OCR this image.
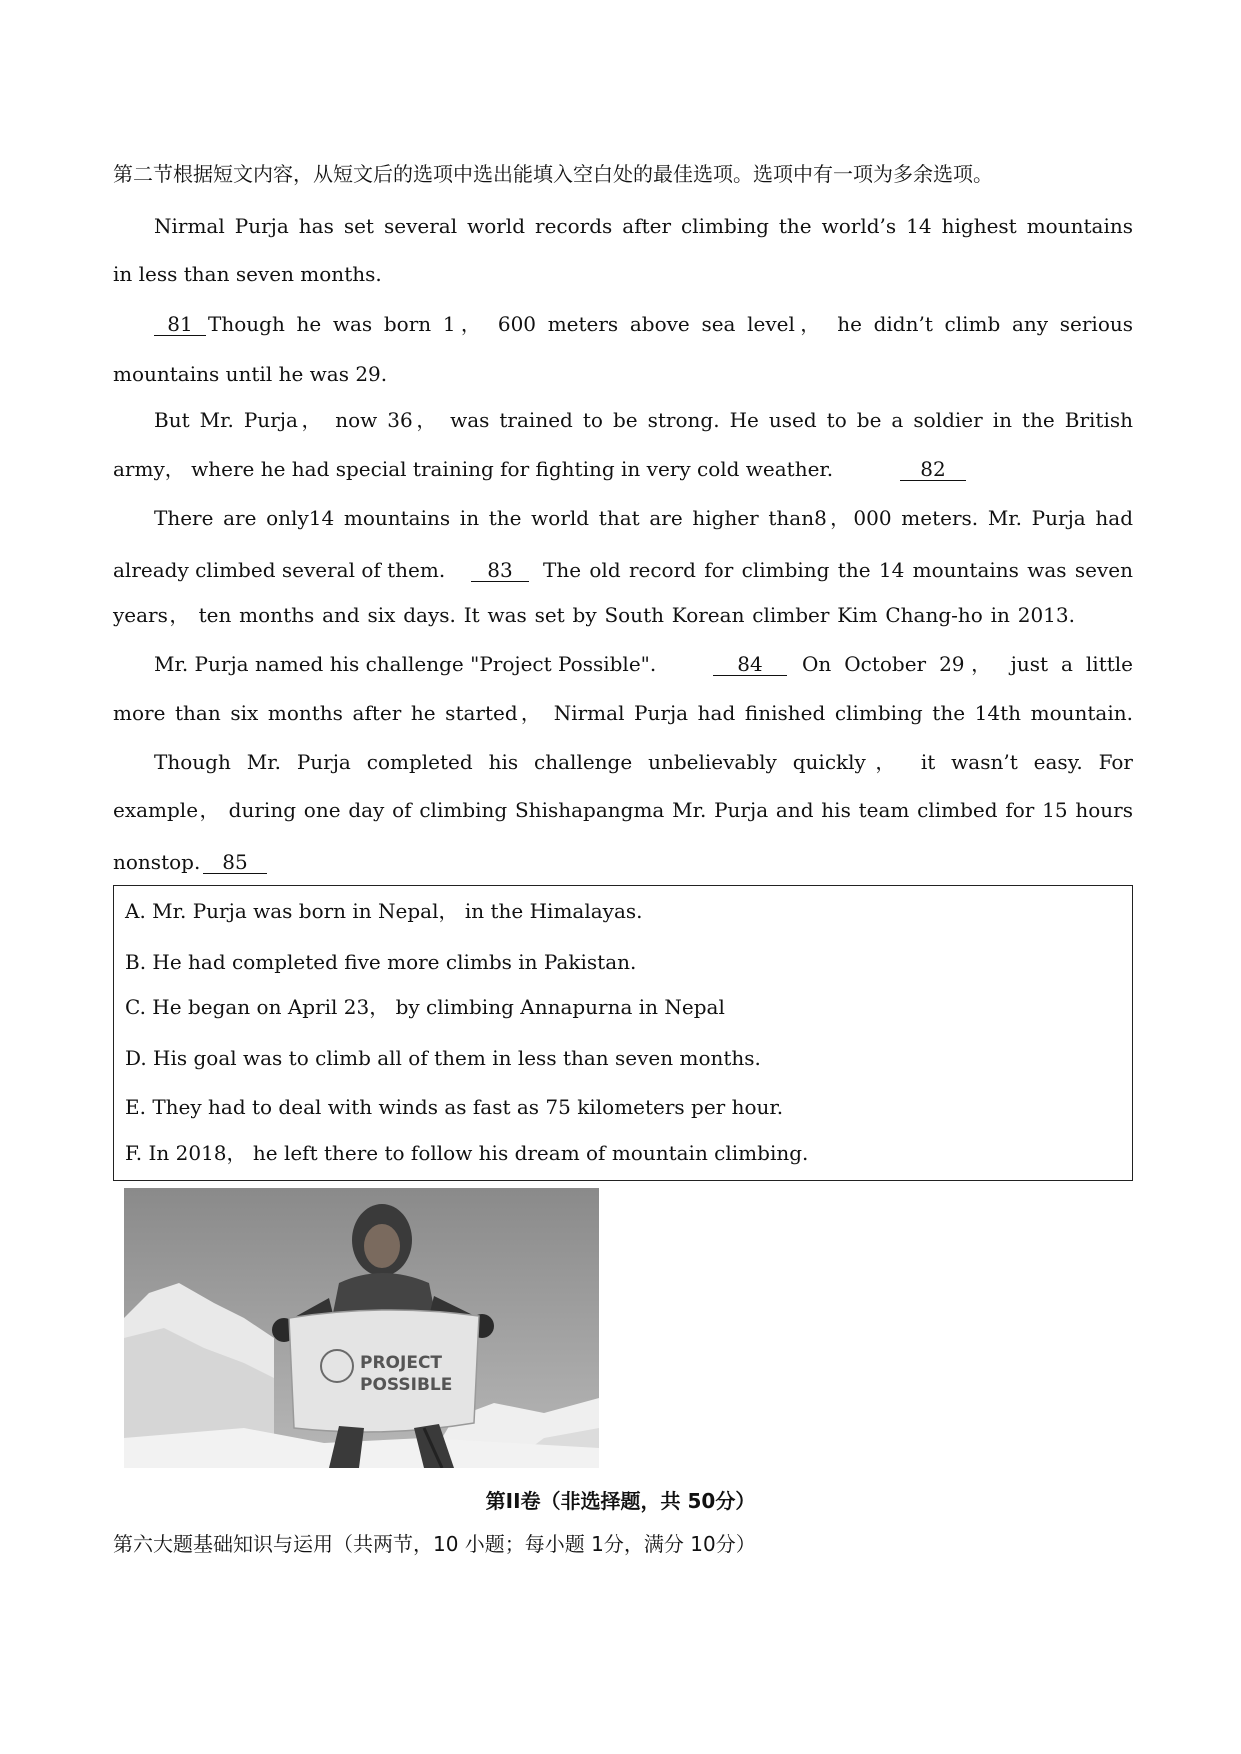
第二节根据短文内容，从短文后的选项中选出能填入空白处的最佳选项。选项中有一项为多余选项。
Nirmal Purja has set several world records after climbing the world’s 14 highest mountains
in less than seven months.
81 Though he was born 1， 600 meters above sea level， he didn’t climb any serious
mountains until he was 29.
But Mr. Purja， now 36， was trained to be strong. He used to be a soldier in the British
army， where he had special training for fighting in very cold weather.	82
There are only14 mountains in the world that are higher than8，000 meters. Mr. Purja had
already climbed several of them.	83	The old record for climbing the 14 mountains was seven
years， ten months and six days. It was set by South Korean climber Kim Chang-ho in 2013.
Mr. Purja named his challenge "Project Possible".	84	On October 29， just a little
more than six months after he started， Nirmal Purja had finished climbing the 14th mountain.
Though Mr. Purja completed his challenge unbelievably quickly， it wasn’t easy. For
example， during one day of climbing Shishapangma Mr. Purja and his team climbed for 15 hours
nonstop.	85
A. Mr. Purja was born in Nepal， in the Himalayas.
B. He had completed five more climbs in Pakistan.
C. He began on April 23， by climbing Annapurna in Nepal
D. His goal was to climb all of them in less than seven months.
E. They had to deal with winds as fast as 75 kilometers per hour.
F. In 2018， he left there to follow his dream of mountain climbing.
PROJECT
POSSIBLE
第II卷（非选择题，共 50分）
第六大题基础知识与运用（共两节，10 小题；每小题 1分，满分 10分）
